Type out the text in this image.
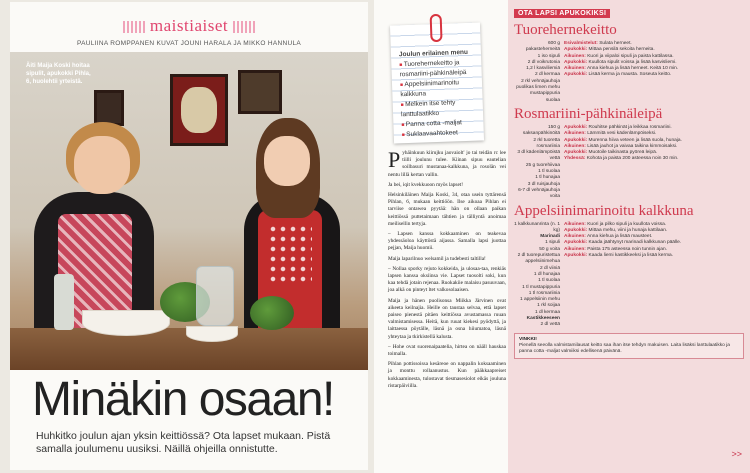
maistiaiset
PAULIINA ROMPPANEN KUVAT JOUNI HARALA JA MIKKO HANNULA
Äiti Maija Koski hoitaa sipulit, apukokki Pihla, 6, huolehtii yrteistä.
Minäkin osaan!
Huhkitko joulun ajan yksin keittiössä? Ota lapset mukaan. Pistä samalla joulumenu uusiksi. Näillä ohjeilla onnistutte.
Joulun erilainen menu
■ Tuorehernekeitto ja rosmariini-pähkinäleipä
■ Appelsiinimarinoitu kalkkuna
■ Melkein itse tehty lanttulaatikko
■ Panna cotta -maljat
■ Suklaavaahtokeet

Pyhäinkuun kiirujku jaovaiolt' jo tai teidän rc lee tiilli joulunu tulee. Kiinan sipuu eautelian soilbasuri mustanaa-kalkkuna, ja rosolän vei nentu lillä kertan vallin.

Ja bei, iqit kvekkuoon myös lapset!

Helsinkiläinen Maija Koski, 34, otaa usein tyttärensä Pihlan, 6, mukaan keittiöön. Ilse aikoaa Pihlan ei tarviise ontawea pyytää: hän on ollaan paikan keittiössä puttetaimaan tähtien ja tälliyntä anoimaa meilisellin tertyja.

– Lapsen kanssa kokkaaminen on teakevaa yhdessäoloa käyttöstä aijassa. Samalla lapsi juottaa pejjan, Maija huomii.

Maija laparilnuo welsamil ja tudebesti taltilla!

– Nollaa sporky rejuto kokkeida, ja ulosaa-taa, renkiäs lapsen kanssa oksiinsa vie. Lapset tuosolti soki, kun kaa tehdä jotain rejenaa. Ruokakiie malaisu pasuuvaan, joa alkä on pinteyt ltet valkosolaaisen.

Maija ja hänen puolisonsa Miikka Järvinen ovat aikeeta keilnajia. Heille on taustaa selvaa, että lapset paiseo pienestä pitäen keittiössa avustamassa ruuan valmistamisessa. Heitä, kun ruuat kiekesi pyödyttä, ja laittaessa pöytälle, läsnä ja osna hiiumatoa, läsnä yhteytaa ja tkirkistellä kalusta.

– Hohe ovat suorenaipaatelia, hirtea on nääll hauskaa toimalla.

Pihlan pottissoissa kesäreoe on nappalin koksaaminen ja monttu rollaanustus. Kun pääkkaapreiset kokkaaminesta, tulostavat tiesmasesiolot eikäs jouluna ristarpäiviilla.

OTA LAPSI APUKOKIKSI
Tuorehernekeitto
600 g pakasteherneitä
1 iso sipuli
2 dl voikrutonia
1,2 l kasviliemiä
2 dl kermaa
2 rkl vehnäjauhoja
puolikas limen mehu
mustapippuria
suolaa
Esivalmistelut: Sulata herneet.
Apukokki: Mittaa pensilä sekoita herneita.
Aikuinen: Kuori ja viipaloi sipuli ja paista kattilassa.
Apukokki: Kuullota sipulit voissa ja lisää kasvisliemi.
Aikuinen: Anna kiehua ja lisää herneet. Keitä 10 min.
Apukokki: Lisää kerma ja mausta. Soseuta keitto.
Rosmariini-pähkinäleipä
150 g saksanpähkinöitä
2 rkl tuoretta rosmariinia
3 dl kädenlämpöistä vettä
25 g tuorehiivaa
1 tl suolaa
1 tl hunajaa
3 dl ruisjauhoja
6-7 dl vehnäjauhoja
voita
Apukokki: Rouhitse pähkinät ja leikkaa rosmariini.
Aikuinen: Lämmitä vesi kädenlämpöiseksi.
Apukokki: Murenna hiiva veteen ja lisää suola, hunaja.
Aikuinen: Lisää jauhot ja vaivaa taikina kimmoisaksi.
Apukokki: Muotoile taikinasta pyöreä leipä.
Yhdessä: Kohota ja paista 200 asteessa noin 30 min.
Appelsiinimarinoitu kalkkuna
1 kalkkunanrinta (n. 1 kg)
Marinadi
1 sipuli
50 g voita
2 dl tuorepuristettua appelsiinimehua
2 dl viiniä
1 dl hunajaa
1 tl suolaa
1 tl mustapippuria
1 tl rosmariinia
1 appelsiinin mehu
1 rkl soijaa
1 dl kermaa
Kastikkeeseen
2 dl vettä
Aikuinen: Kuori ja pilko sipuli ja kuullota voissa.
Apukokki: Mittaa mehu, viini ja hunaja kattilaan.
Aikuinen: Anna kiehua ja lisää mausteet.
Apukokki: Kaada jäähtynyt marinadi kalkkunan päälle.
Aikuinen: Paista 175 asteessa noin tunnin ajan.
Apukokki: Kaada liemi kastikkeeksi ja lisää kerma.
VINKKI!
Pienellä seeolla valmistamilausat keitto saa ihan itse tehdyn makuisen. Laita lisäksi lanttulaatikko ja panna cotta -maljat valmiiksi edellisenä päivänä.
>>
